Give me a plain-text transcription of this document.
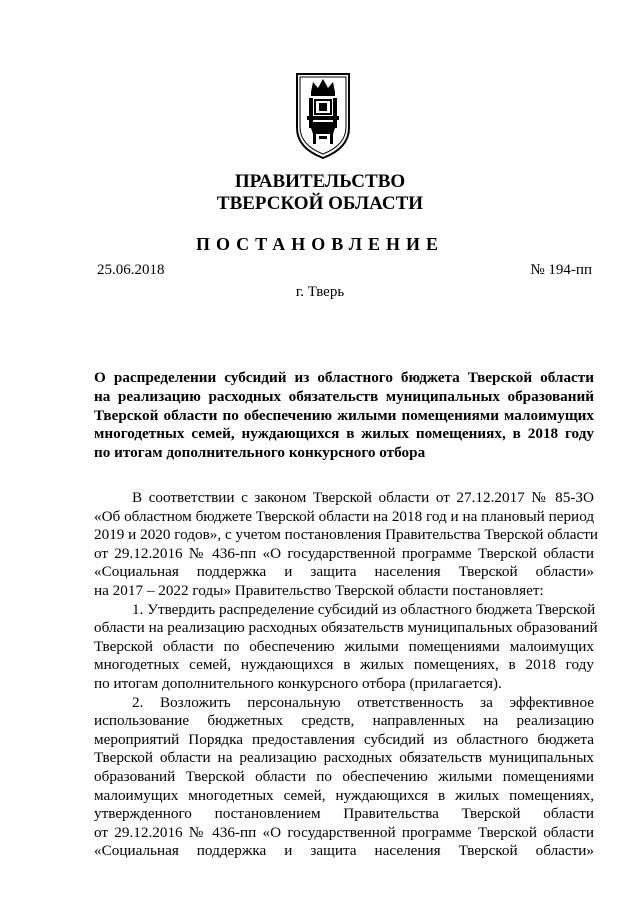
ПРАВИТЕЛЬСТВО
ТВЕРСКОЙ ОБЛАСТИ
ПОСТАНОВЛЕНИЕ
25.06.2018	№ 194-пп
г. Тверь
О распределении субсидий из областного бюджета Тверской области
на реализацию расходных обязательств муниципальных образований
Тверской области по обеспечению жилыми помещениями малоимущих
многодетных семей, нуждающихся в жилых помещениях, в 2018 году
по итогам дополнительного конкурсного отбора
В соответствии с законом Тверской области от 27.12.2017 № 85-ЗО
«Об областном бюджете Тверской области на 2018 год и на плановый период
2019 и 2020 годов», с учетом постановления Правительства Тверской области
от 29.12.2016 № 436-пп «О государственной программе Тверской области
«Социальная поддержка и защита населения Тверской области»
на 2017 – 2022 годы» Правительство Тверской области постановляет:
1. Утвердить распределение субсидий из областного бюджета Тверской
области на реализацию расходных обязательств муниципальных образований
Тверской области по обеспечению жилыми помещениями малоимущих
многодетных семей, нуждающихся в жилых помещениях, в 2018 году
по итогам дополнительного конкурсного отбора (прилагается).
2. Возложить персональную ответственность за эффективное
использование бюджетных средств, направленных на реализацию
мероприятий Порядка предоставления субсидий из областного бюджета
Тверской области на реализацию расходных обязательств муниципальных
образований Тверской области по обеспечению жилыми помещениями
малоимущих многодетных семей, нуждающихся в жилых помещениях,
утвержденного постановлением Правительства Тверской области
от 29.12.2016 № 436-пп «О государственной программе Тверской области
«Социальная поддержка и защита населения Тверской области»
